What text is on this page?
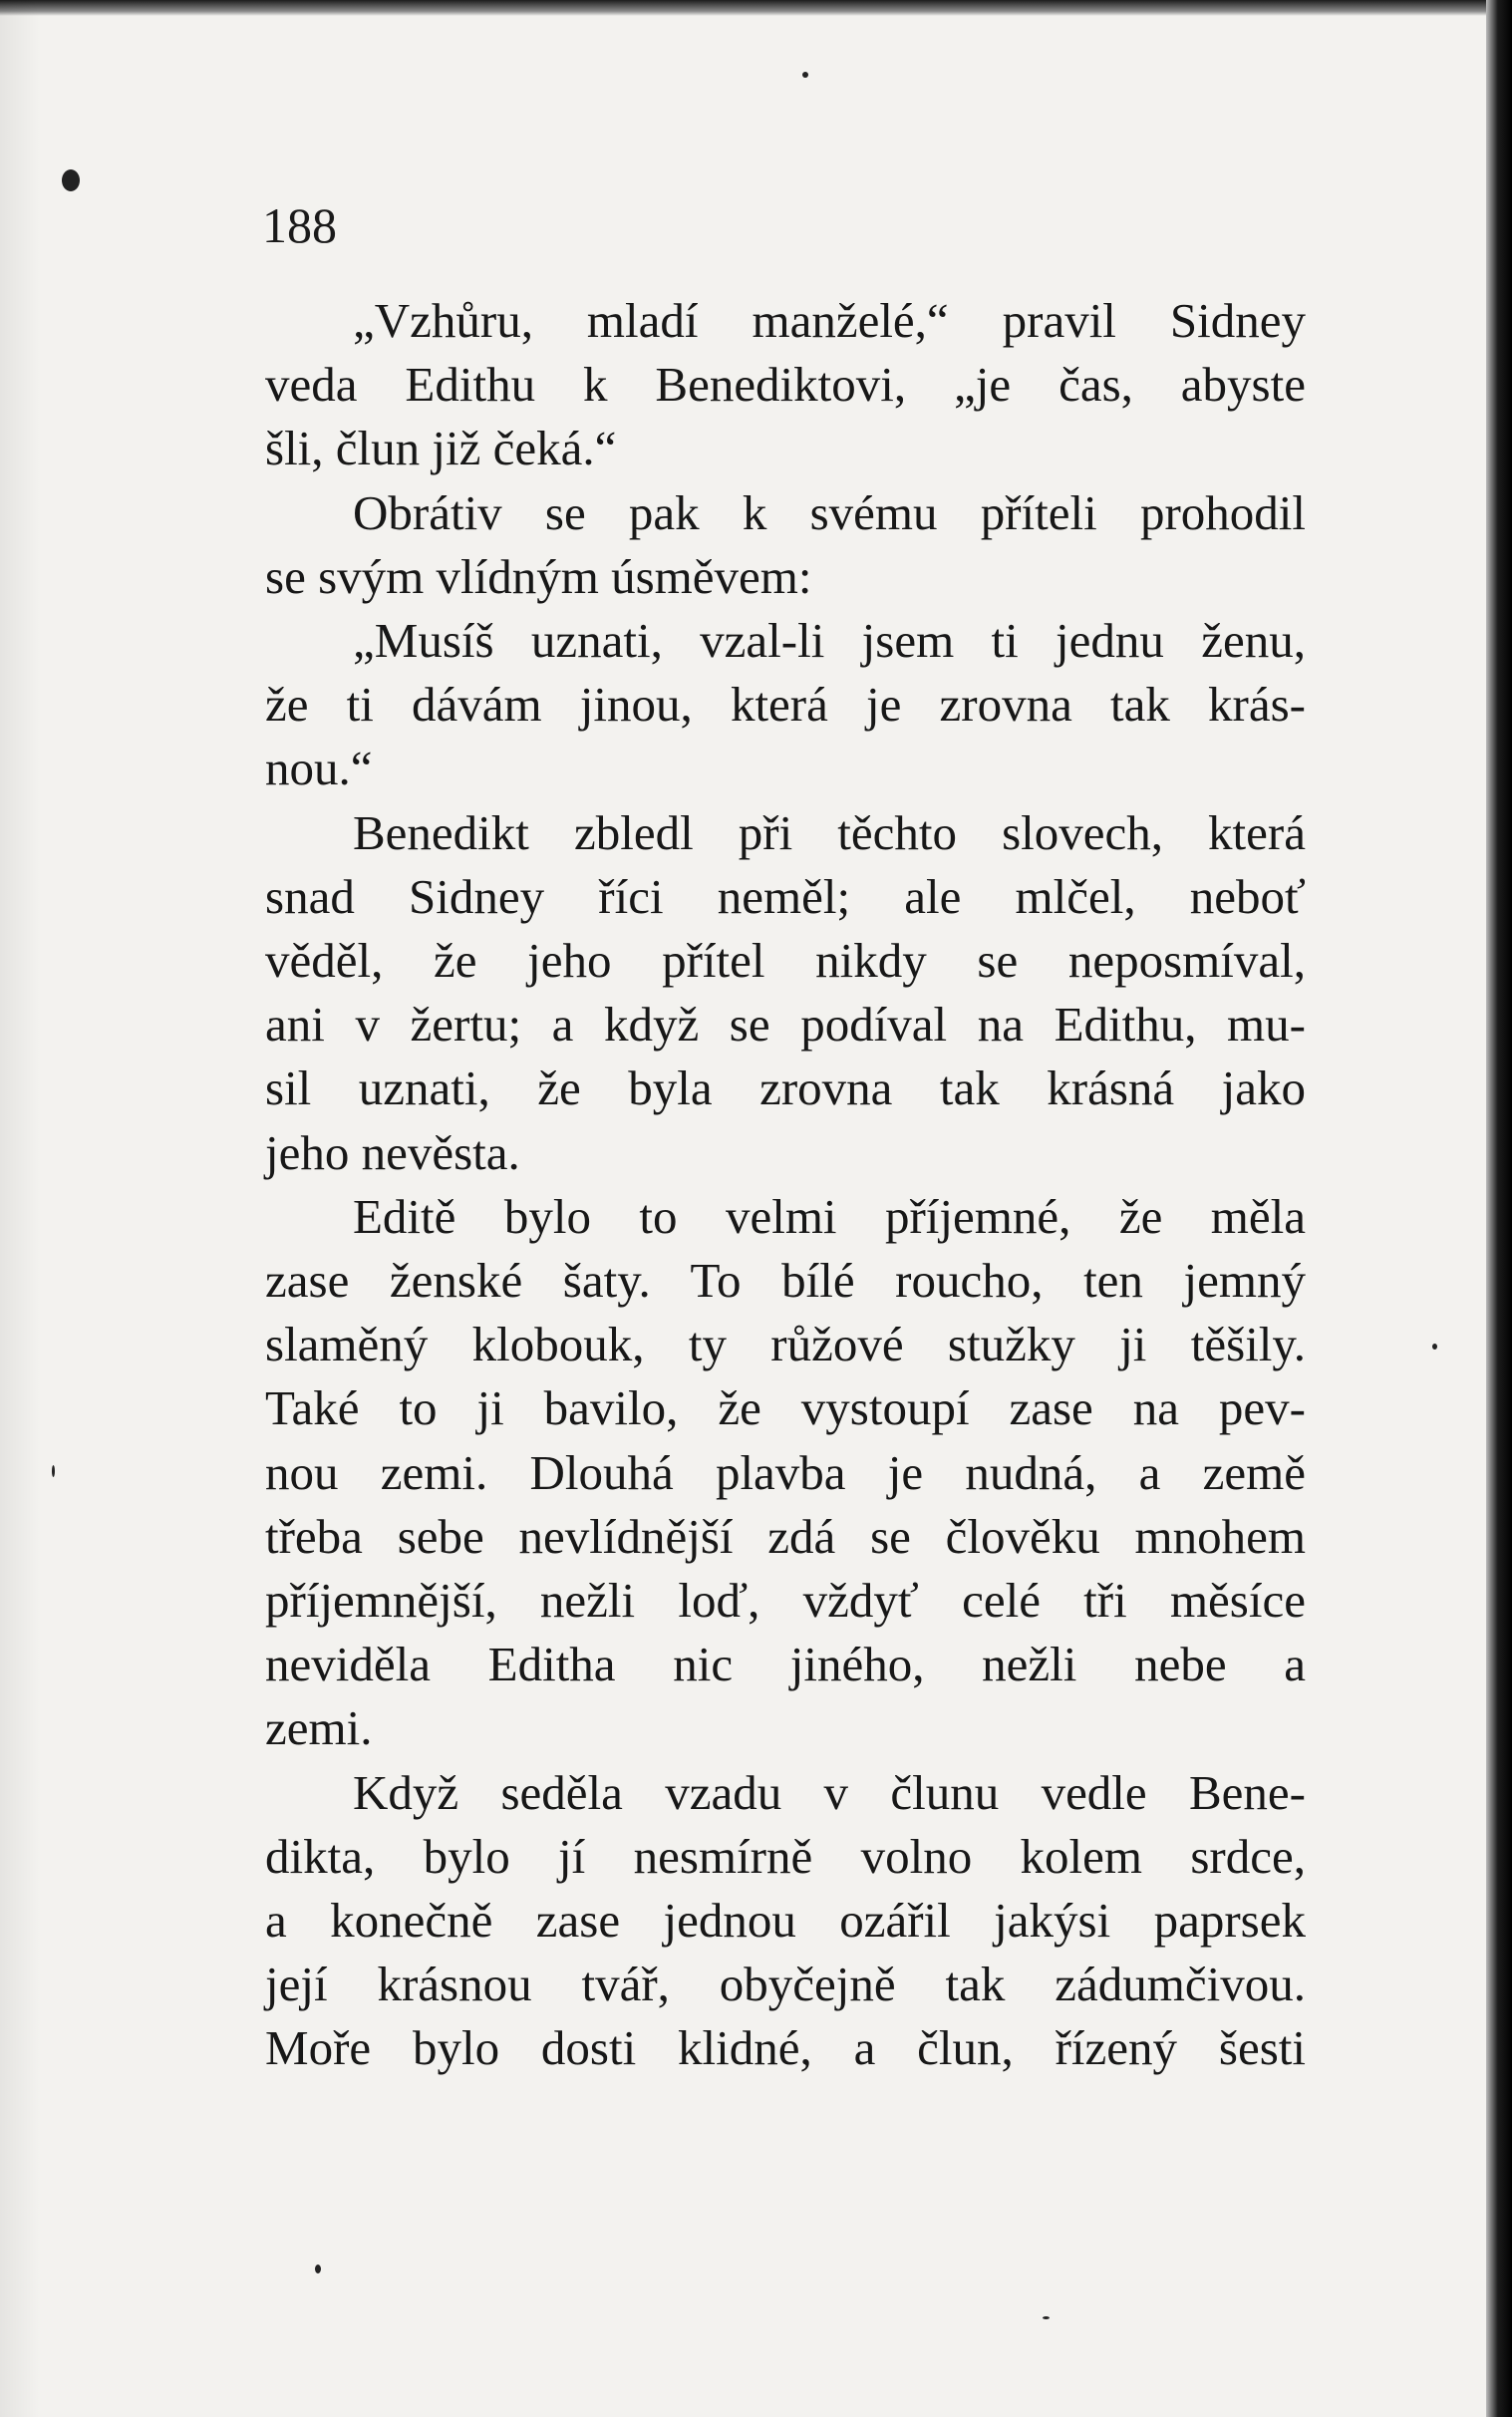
188

„Vzhůru, mladí manželé,“ pravil Sidney
veda Edithu k Benediktovi, „je čas, abyste
šli, člun již čeká.“

Obrátiv se pak k svému příteli prohodil
se svým vlídným úsměvem:

„Musíš uznati, vzal-li jsem ti jednu ženu,
že ti dávám jinou, která je zrovna tak krás-
nou.“

Benedikt zbledl při těchto slovech, která
snad Sidney říci neměl; ale mlčel, neboť
věděl, že jeho přítel nikdy se neposmíval,
ani v žertu; a když se podíval na Edithu, mu-
sil uznati, že byla zrovna tak krásná jako
jeho nevěsta.

Editě bylo to velmi příjemné, že měla
zase ženské šaty. To bílé roucho, ten jemný
slaměný klobouk, ty růžové stužky ji těšily.
Také to ji bavilo, že vystoupí zase na pev-
nou zemi. Dlouhá plavba je nudná, a země
třeba sebe nevlídnější zdá se člověku mnohem
příjemnější, nežli loď, vždyť celé tři měsíce
neviděla Editha nic jiného, nežli nebe a
zemi.

Když seděla vzadu v člunu vedle Bene-
dikta, bylo jí nesmírně volno kolem srdce,
a konečně zase jednou ozářil jakýsi paprsek
její krásnou tvář, obyčejně tak zádumčivou.
Moře bylo dosti klidné, a člun, řízený šesti
